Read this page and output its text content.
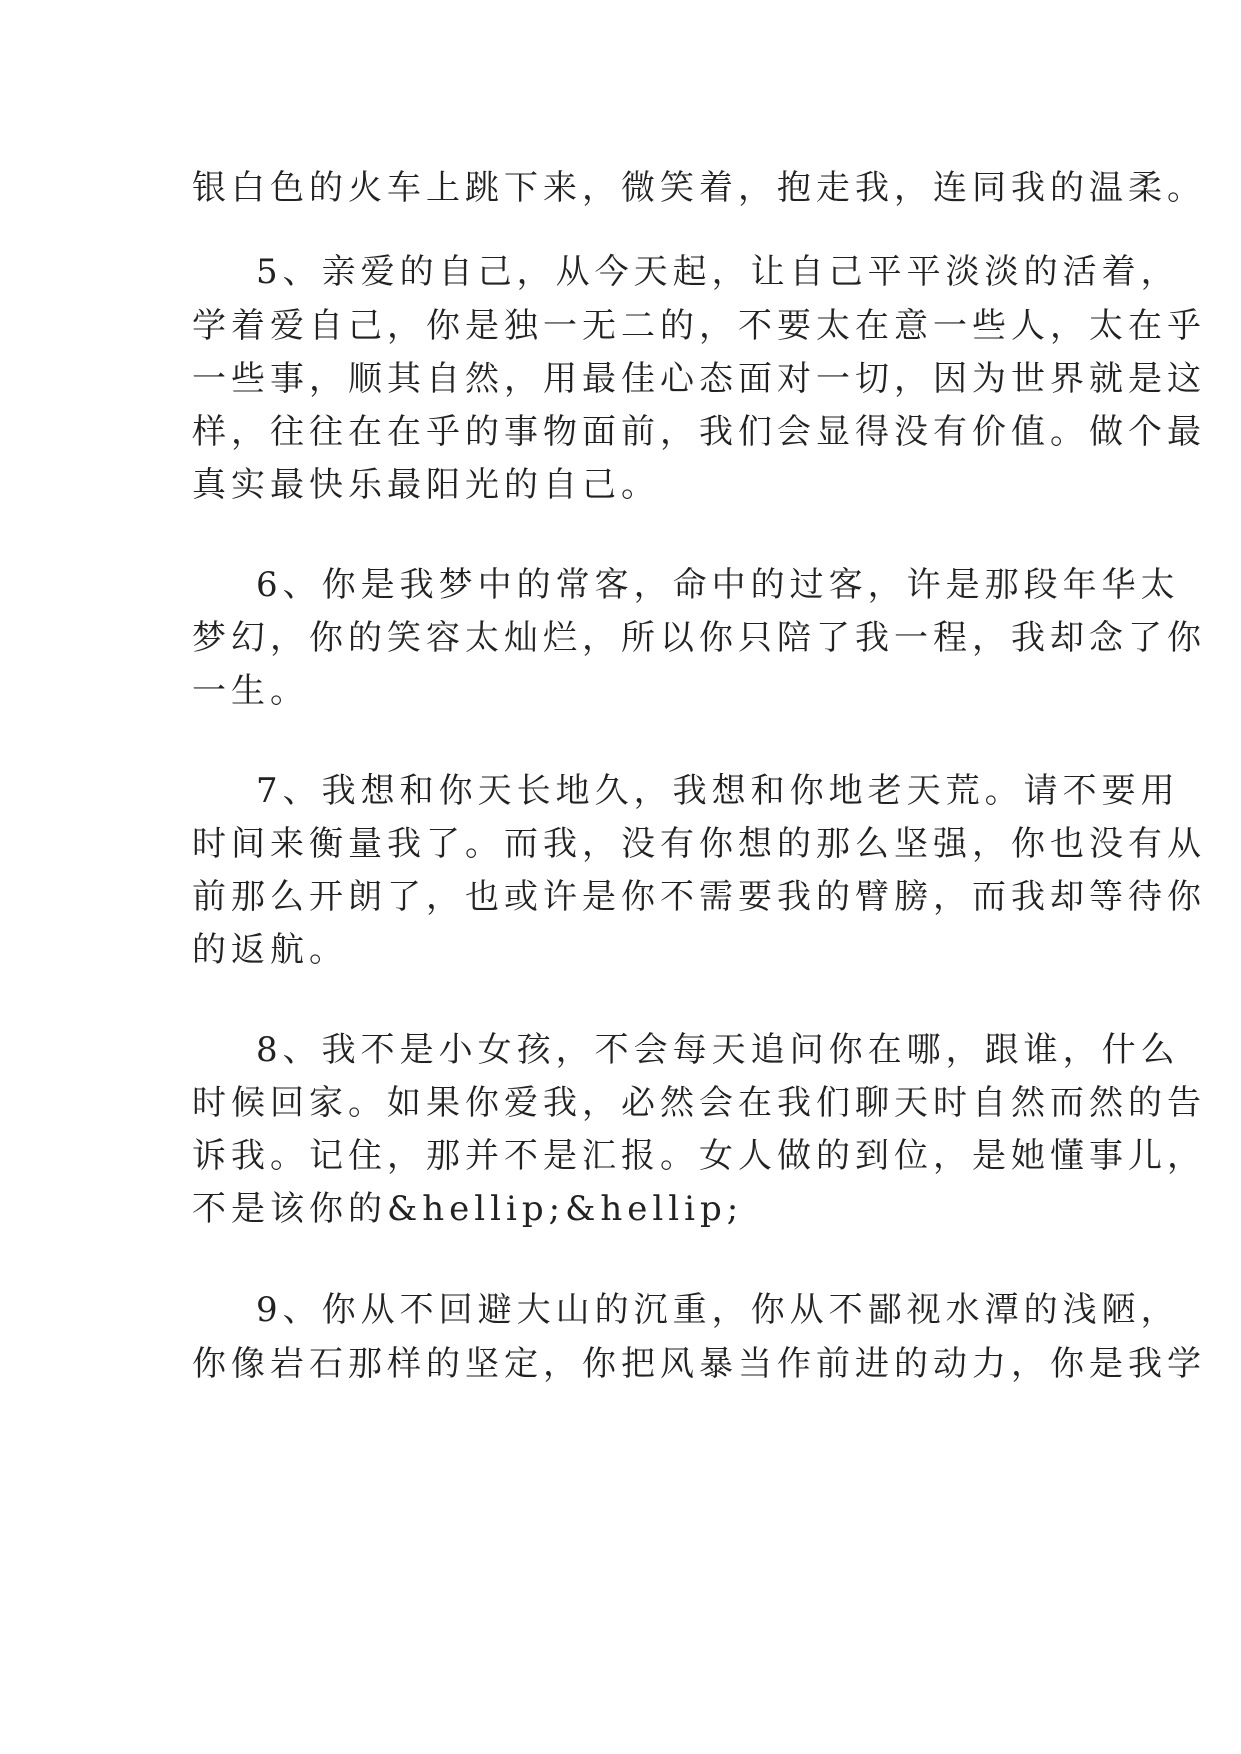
银白色的火车上跳下来，微笑着，抱走我，连同我的温柔。
5、亲爱的自己，从今天起，让自己平平淡淡的活着，
学着爱自己，你是独一无二的，不要太在意一些人，太在乎
一些事，顺其自然，用最佳心态面对一切，因为世界就是这
样，往往在在乎的事物面前，我们会显得没有价值。做个最
真实最快乐最阳光的自己。
6、你是我梦中的常客，命中的过客，许是那段年华太
梦幻，你的笑容太灿烂，所以你只陪了我一程，我却念了你
一生。
7、我想和你天长地久，我想和你地老天荒。请不要用
时间来衡量我了。而我，没有你想的那么坚强，你也没有从
前那么开朗了，也或许是你不需要我的臂膀，而我却等待你
的返航。
8、我不是小女孩，不会每天追问你在哪，跟谁，什么
时候回家。如果你爱我，必然会在我们聊天时自然而然的告
诉我。记住，那并不是汇报。女人做的到位，是她懂事儿，
不是该你的&hellip;&hellip;
9、你从不回避大山的沉重，你从不鄙视水潭的浅陋，
你像岩石那样的坚定，你把风暴当作前进的动力，你是我学
